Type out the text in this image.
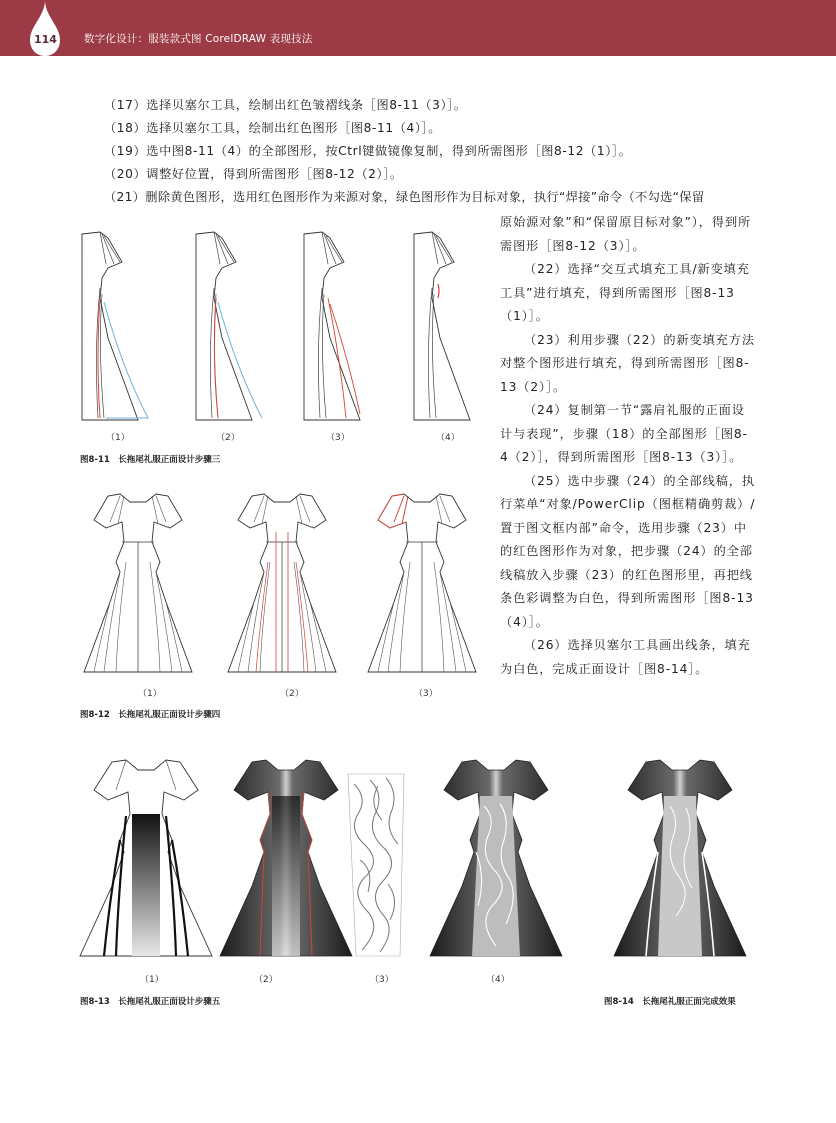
114	数字化设计：服装款式图 CorelDRAW 表现技法
（17）选择贝塞尔工具，绘制出红色皱褶线条［图8-11（3）］。
（18）选择贝塞尔工具，绘制出红色图形［图8-11（4）］。
（19）选中图8-11（4）的全部图形，按Ctrl键做镜像复制，得到所需图形［图8-12（1）］。
（20）调整好位置，得到所需图形［图8-12（2）］。
（21）删除黄色图形，选用红色图形作为来源对象，绿色图形作为目标对象，执行“焊接”命令（不勾选“保留

原始源对象”和“保留原目标对象”），得到所需图形［图8-12（3）］。

（22）选择“交互式填充工具/新变填充工具”进行填充，得到所需图形［图8-13（1）］。

（23）利用步骤（22）的新变填充方法对整个图形进行填充，得到所需图形［图8-13（2）］。

（24）复制第一节“露肩礼服的正面设计与表现”，步骤（18）的全部图形［图8-4（2）］，得到所需图形［图8-13（3）］。

（25）选中步骤（24）的全部线稿，执行菜单“对象/PowerClip（图框精确剪裁）/置于图文框内部”命令，选用步骤（23）中的红色图形作为对象，把步骤（24）的全部线稿放入步骤（23）的红色图形里，再把线条色彩调整为白色，得到所需图形［图8-13（4）］。

（26）选择贝塞尔工具画出线条，填充为白色，完成正面设计［图8-14］。

（1）	（2）	（3）	（4）
图8-11　长拖尾礼服正面设计步骤三
（1）	（2）	（3）
图8-12　长拖尾礼服正面设计步骤四
（1）	（2）	（3）	（4）
图8-13　长拖尾礼服正面设计步骤五	图8-14　长拖尾礼服正面完成效果
